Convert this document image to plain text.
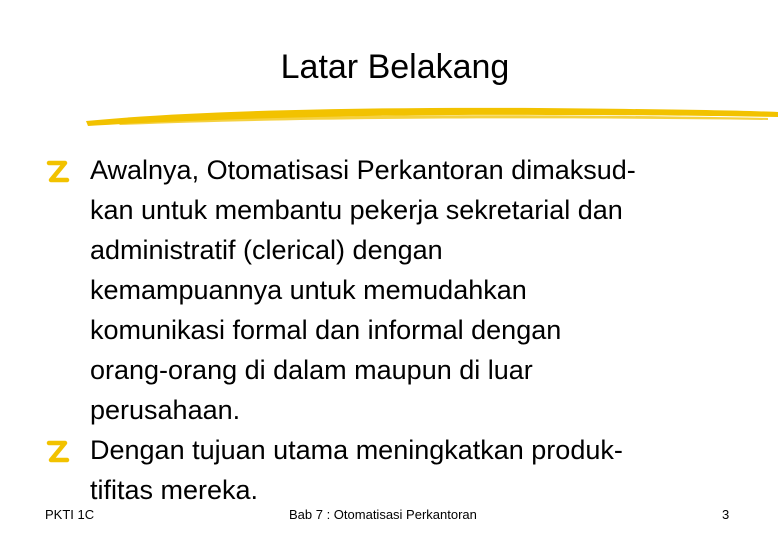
Latar Belakang
Awalnya, Otomatisasi Perkantoran dimaksud-
kan untuk membantu pekerja sekretarial dan
administratif (clerical) dengan
kemampuannya untuk memudahkan
komunikasi formal dan informal dengan
orang-orang di dalam maupun di luar
perusahaan.
Dengan tujuan utama meningkatkan produk-
tifitas mereka.
PKTI 1C	Bab 7 : Otomatisasi Perkantoran	3
